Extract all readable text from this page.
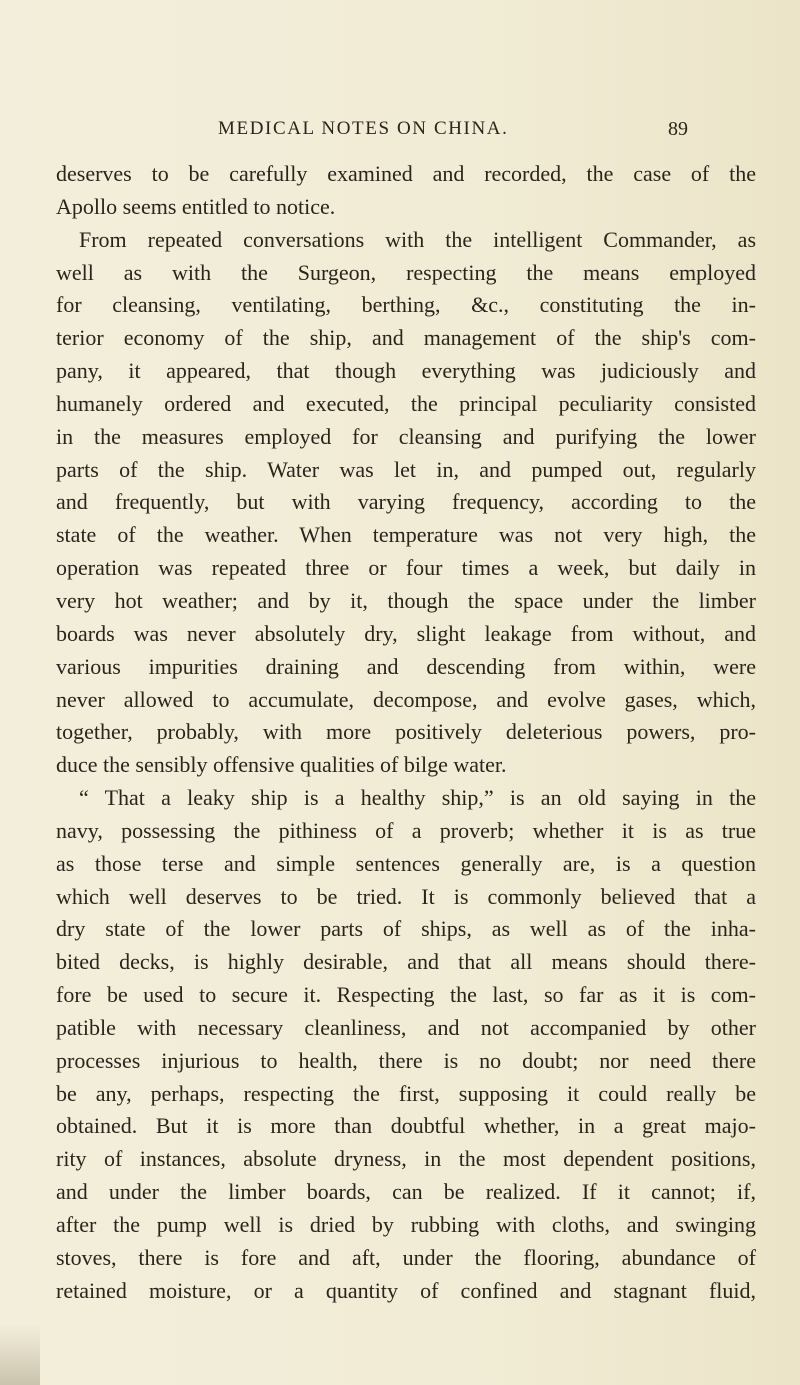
MEDICAL NOTES ON CHINA.	89
deserves to be carefully examined and recorded, the case of the
Apollo seems entitled to notice.
From repeated conversations with the intelligent Commander, as
well as with the Surgeon, respecting the means employed
for cleansing, ventilating, berthing, &c., constituting the in-
terior economy of the ship, and management of the ship's com-
pany, it appeared, that though everything was judiciously and
humanely ordered and executed, the principal peculiarity consisted
in the measures employed for cleansing and purifying the lower
parts of the ship. Water was let in, and pumped out, regularly
and frequently, but with varying frequency, according to the
state of the weather. When temperature was not very high, the
operation was repeated three or four times a week, but daily in
very hot weather; and by it, though the space under the limber
boards was never absolutely dry, slight leakage from without, and
various impurities draining and descending from within, were
never allowed to accumulate, decompose, and evolve gases, which,
together, probably, with more positively deleterious powers, pro-
duce the sensibly offensive qualities of bilge water.
“ That a leaky ship is a healthy ship,” is an old saying in the
navy, possessing the pithiness of a proverb; whether it is as true
as those terse and simple sentences generally are, is a question
which well deserves to be tried. It is commonly believed that a
dry state of the lower parts of ships, as well as of the inha-
bited decks, is highly desirable, and that all means should there-
fore be used to secure it. Respecting the last, so far as it is com-
patible with necessary cleanliness, and not accompanied by other
processes injurious to health, there is no doubt; nor need there
be any, perhaps, respecting the first, supposing it could really be
obtained. But it is more than doubtful whether, in a great majo-
rity of instances, absolute dryness, in the most dependent positions,
and under the limber boards, can be realized. If it cannot; if,
after the pump well is dried by rubbing with cloths, and swinging
stoves, there is fore and aft, under the flooring, abundance of
retained moisture, or a quantity of confined and stagnant fluid,
